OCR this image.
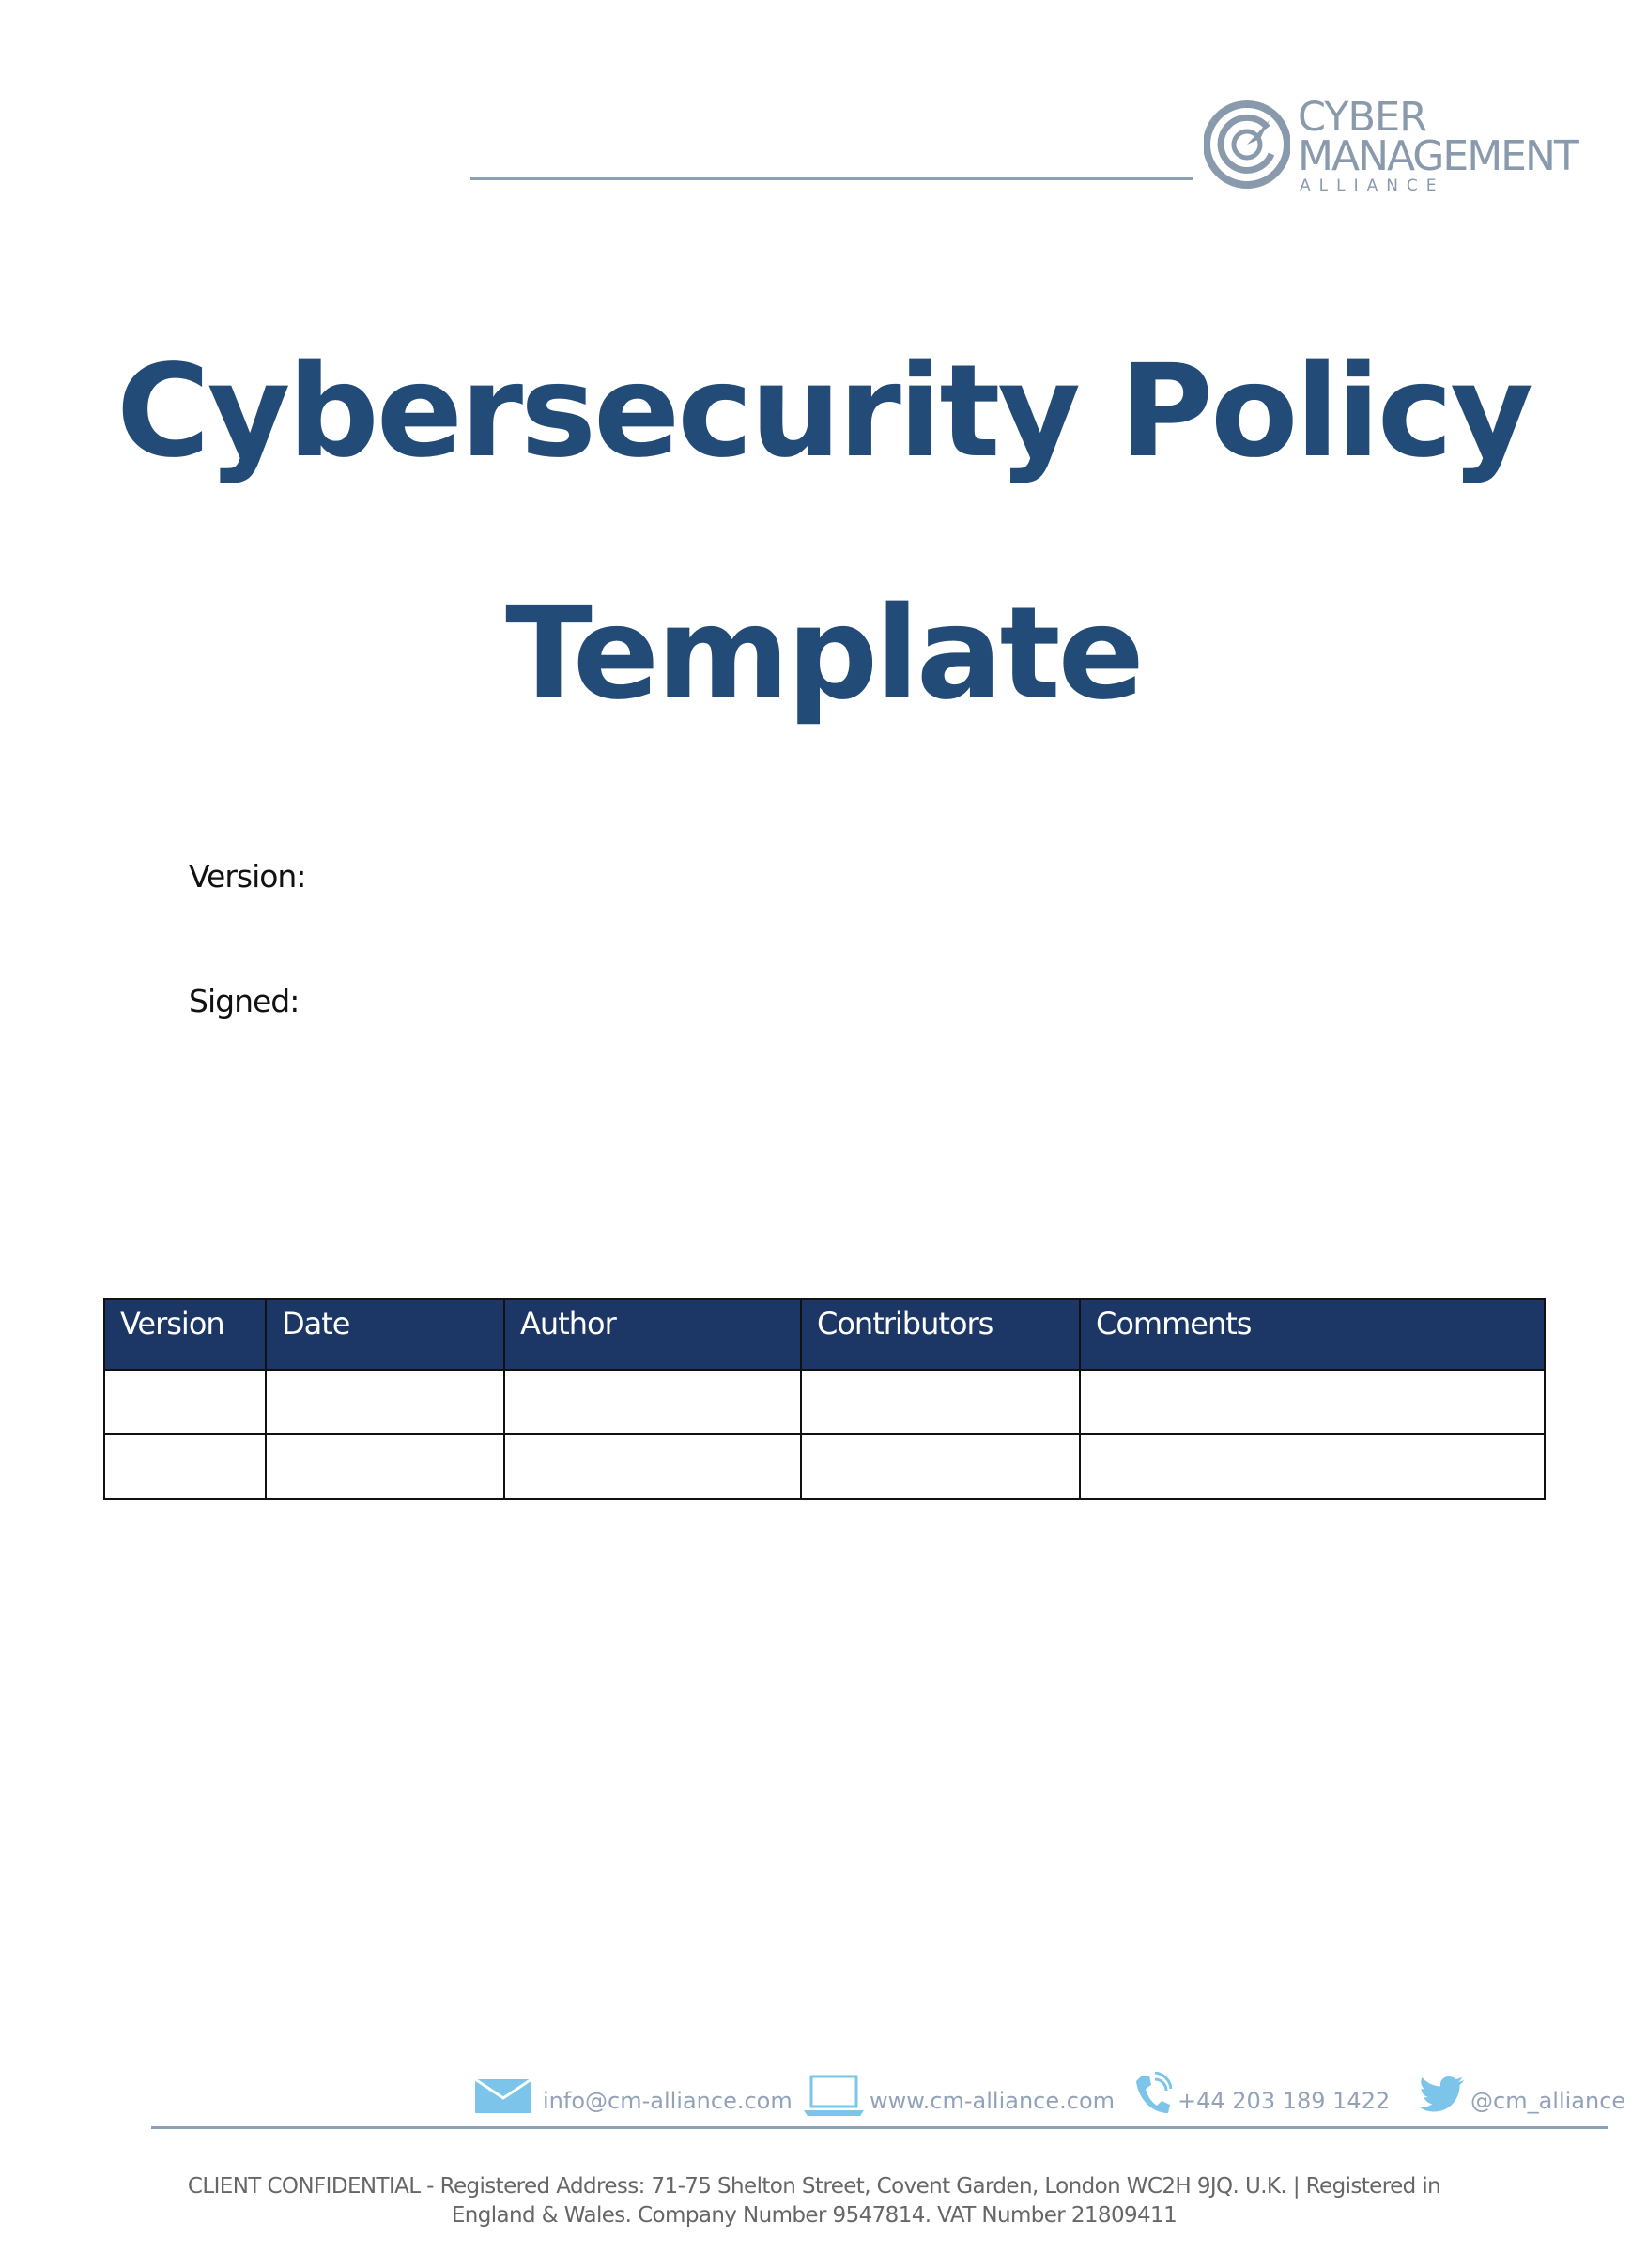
CYBER
MANAGEMENT
ALLIANCE
Cybersecurity Policy
Template
Version:
Signed:
Version	Date	Author	Contributors	Comments

info@cm-alliance.com	www.cm-alliance.com	+44 203 189 1422	@cm_alliance

CLIENT CONFIDENTIAL - Registered Address: 71-75 Shelton Street, Covent Garden, London WC2H 9JQ. U.K. | Registered in
England & Wales. Company Number 9547814. VAT Number 21809411
